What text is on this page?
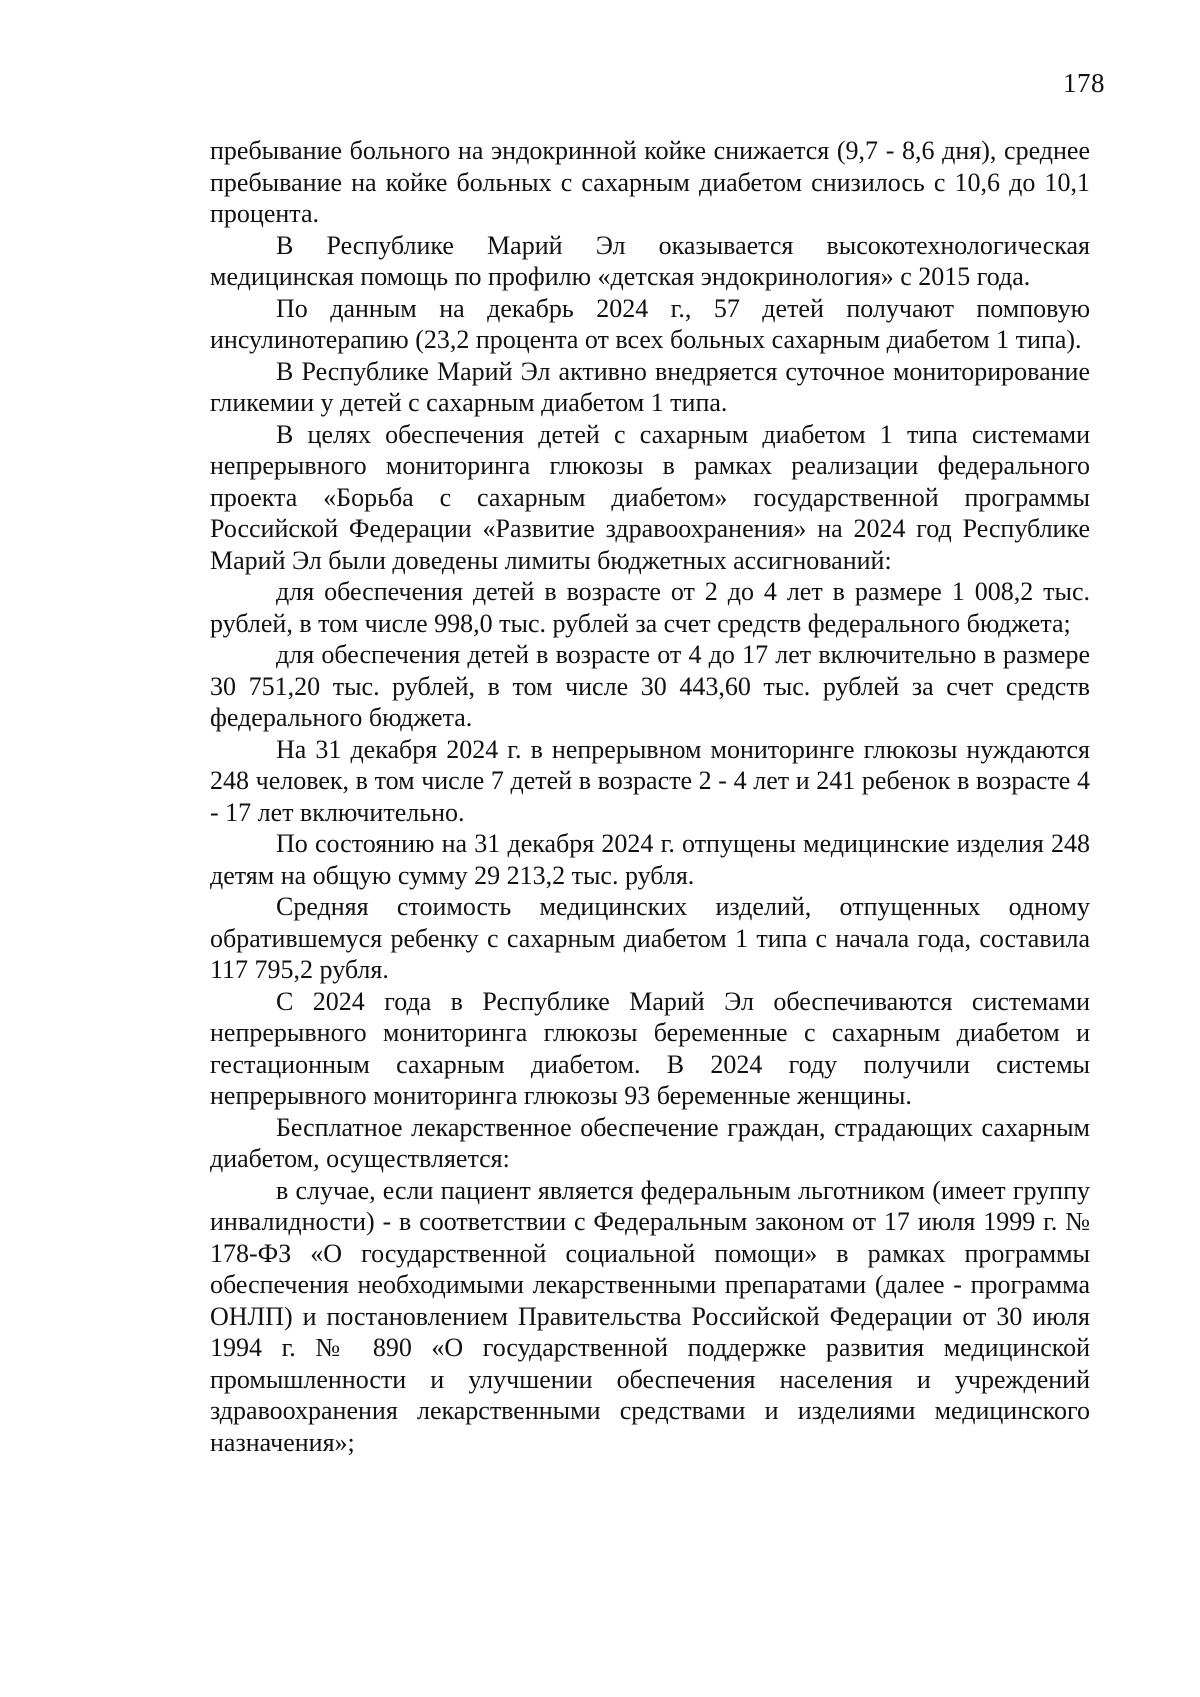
178

пребывание больного на эндокринной койке снижается (9,7 - 8,6 дня), среднее пребывание на койке больных с сахарным диабетом снизилось с 10,6 до 10,1 процента.

В Республике Марий Эл оказывается высокотехнологическая медицинская помощь по профилю «детская эндокринология» с 2015 года.

По данным на декабрь 2024 г., 57 детей получают помповую инсулинотерапию (23,2 процента от всех больных сахарным диабетом 1 типа).

В Республике Марий Эл активно внедряется суточное мониторирование гликемии у детей с сахарным диабетом 1 типа.

В целях обеспечения детей с сахарным диабетом 1 типа системами непрерывного мониторинга глюкозы в рамках реализации федерального проекта «Борьба с сахарным диабетом» государственной программы Российской Федерации «Развитие здравоохранения» на 2024 год Республике Марий Эл были доведены лимиты бюджетных ассигнований:

для обеспечения детей в возрасте от 2 до 4 лет в размере 1 008,2 тыс. рублей, в том числе 998,0 тыс. рублей за счет средств федерального бюджета;

для обеспечения детей в возрасте от 4 до 17 лет включительно в размере 30 751,20 тыс. рублей, в том числе 30 443,60 тыс. рублей за счет средств федерального бюджета.

На 31 декабря 2024 г. в непрерывном мониторинге глюкозы нуждаются 248 человек, в том числе 7 детей в возрасте 2 - 4 лет и 241 ребенок в возрасте 4 - 17 лет включительно.

По состоянию на 31 декабря 2024 г. отпущены медицинские изделия 248 детям на общую сумму 29 213,2 тыс. рубля.

Средняя стоимость медицинских изделий, отпущенных одному обратившемуся ребенку с сахарным диабетом 1 типа с начала года, составила 117 795,2 рубля.

С 2024 года в Республике Марий Эл обеспечиваются системами непрерывного мониторинга глюкозы беременные с сахарным диабетом и гестационным сахарным диабетом. В 2024 году получили системы непрерывного мониторинга глюкозы 93 беременные женщины.

Бесплатное лекарственное обеспечение граждан, страдающих сахарным диабетом, осуществляется:

в случае, если пациент является федеральным льготником (имеет группу инвалидности) - в соответствии с Федеральным законом от 17 июля 1999 г. № 178-ФЗ «О государственной социальной помощи» в рамках программы обеспечения необходимыми лекарственными препаратами (далее - программа ОНЛП) и постановлением Правительства Российской Федерации от 30 июля 1994 г. № 890 «О государственной поддержке развития медицинской промышленности и улучшении обеспечения населения и учреждений здравоохранения лекарственными средствами и изделиями медицинского назначения»;
